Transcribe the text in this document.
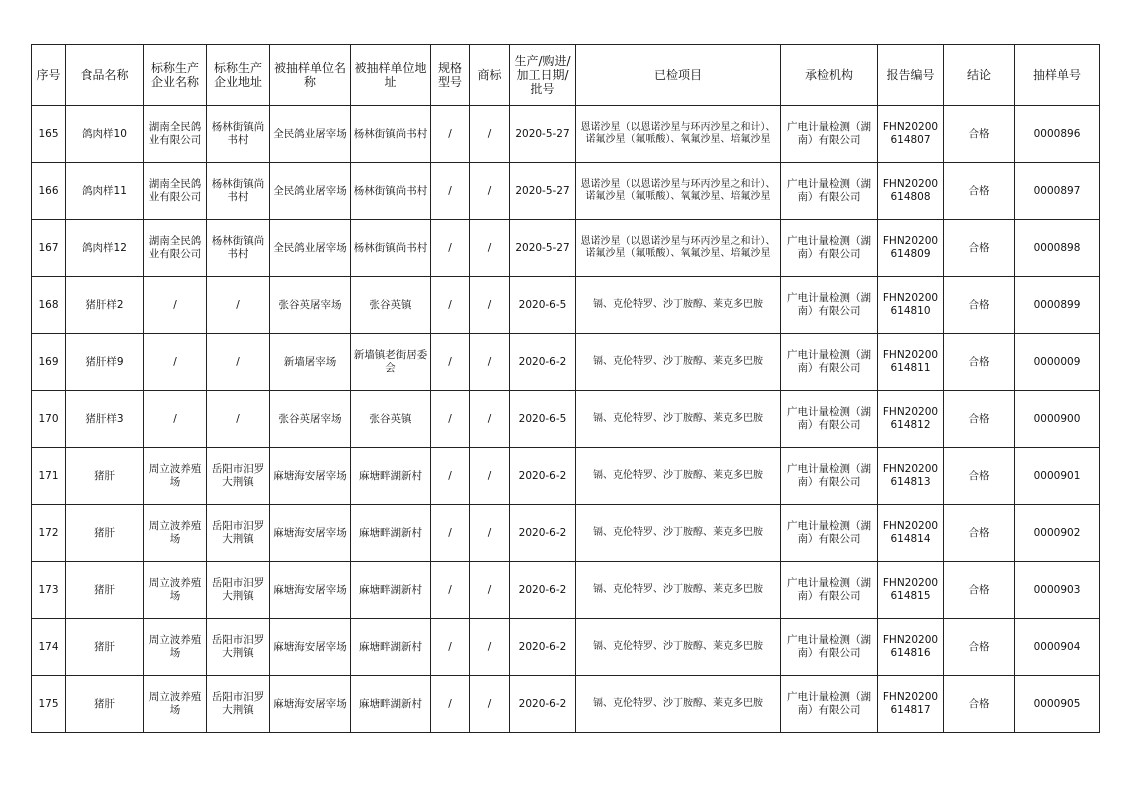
序号	食品名称	标称生产企业名称	标称生产企业地址	被抽样单位名称	被抽样单位地址	规格型号	商标	生产/购进/加工日期/批号	已检项目	承检机构	报告编号	结论	抽样单号
165	鸽肉样10	湖南全民鸽业有限公司	杨林街镇尚书村	全民鸽业屠宰场	杨林街镇尚书村	/	/	2020-5-27	恩诺沙星（以恩诺沙星与环丙沙星之和计）、诺氟沙星（氟哌酸）、氧氟沙星、培氟沙星	广电计量检测（湖南）有限公司	FHN20200614807	合格	0000896
166	鸽肉样11	湖南全民鸽业有限公司	杨林街镇尚书村	全民鸽业屠宰场	杨林街镇尚书村	/	/	2020-5-27	恩诺沙星（以恩诺沙星与环丙沙星之和计）、诺氟沙星（氟哌酸）、氧氟沙星、培氟沙星	广电计量检测（湖南）有限公司	FHN20200614808	合格	0000897
167	鸽肉样12	湖南全民鸽业有限公司	杨林街镇尚书村	全民鸽业屠宰场	杨林街镇尚书村	/	/	2020-5-27	恩诺沙星（以恩诺沙星与环丙沙星之和计）、诺氟沙星（氟哌酸）、氧氟沙星、培氟沙星	广电计量检测（湖南）有限公司	FHN20200614809	合格	0000898
168	猪肝样2	/	/	张谷英屠宰场	张谷英镇	/	/	2020-6-5	镉、克伦特罗、沙丁胺醇、莱克多巴胺	广电计量检测（湖南）有限公司	FHN20200614810	合格	0000899
169	猪肝样9	/	/	新墙屠宰场	新墙镇老街居委会	/	/	2020-6-2	镉、克伦特罗、沙丁胺醇、莱克多巴胺	广电计量检测（湖南）有限公司	FHN20200614811	合格	0000009
170	猪肝样3	/	/	张谷英屠宰场	张谷英镇	/	/	2020-6-5	镉、克伦特罗、沙丁胺醇、莱克多巴胺	广电计量检测（湖南）有限公司	FHN20200614812	合格	0000900
171	猪肝	周立波养殖场	岳阳市汨罗大荆镇	麻塘海安屠宰场	麻塘畔湖新村	/	/	2020-6-2	镉、克伦特罗、沙丁胺醇、莱克多巴胺	广电计量检测（湖南）有限公司	FHN20200614813	合格	0000901
172	猪肝	周立波养殖场	岳阳市汨罗大荆镇	麻塘海安屠宰场	麻塘畔湖新村	/	/	2020-6-2	镉、克伦特罗、沙丁胺醇、莱克多巴胺	广电计量检测（湖南）有限公司	FHN20200614814	合格	0000902
173	猪肝	周立波养殖场	岳阳市汨罗大荆镇	麻塘海安屠宰场	麻塘畔湖新村	/	/	2020-6-2	镉、克伦特罗、沙丁胺醇、莱克多巴胺	广电计量检测（湖南）有限公司	FHN20200614815	合格	0000903
174	猪肝	周立波养殖场	岳阳市汨罗大荆镇	麻塘海安屠宰场	麻塘畔湖新村	/	/	2020-6-2	镉、克伦特罗、沙丁胺醇、莱克多巴胺	广电计量检测（湖南）有限公司	FHN20200614816	合格	0000904
175	猪肝	周立波养殖场	岳阳市汨罗大荆镇	麻塘海安屠宰场	麻塘畔湖新村	/	/	2020-6-2	镉、克伦特罗、沙丁胺醇、莱克多巴胺	广电计量检测（湖南）有限公司	FHN20200614817	合格	0000905
